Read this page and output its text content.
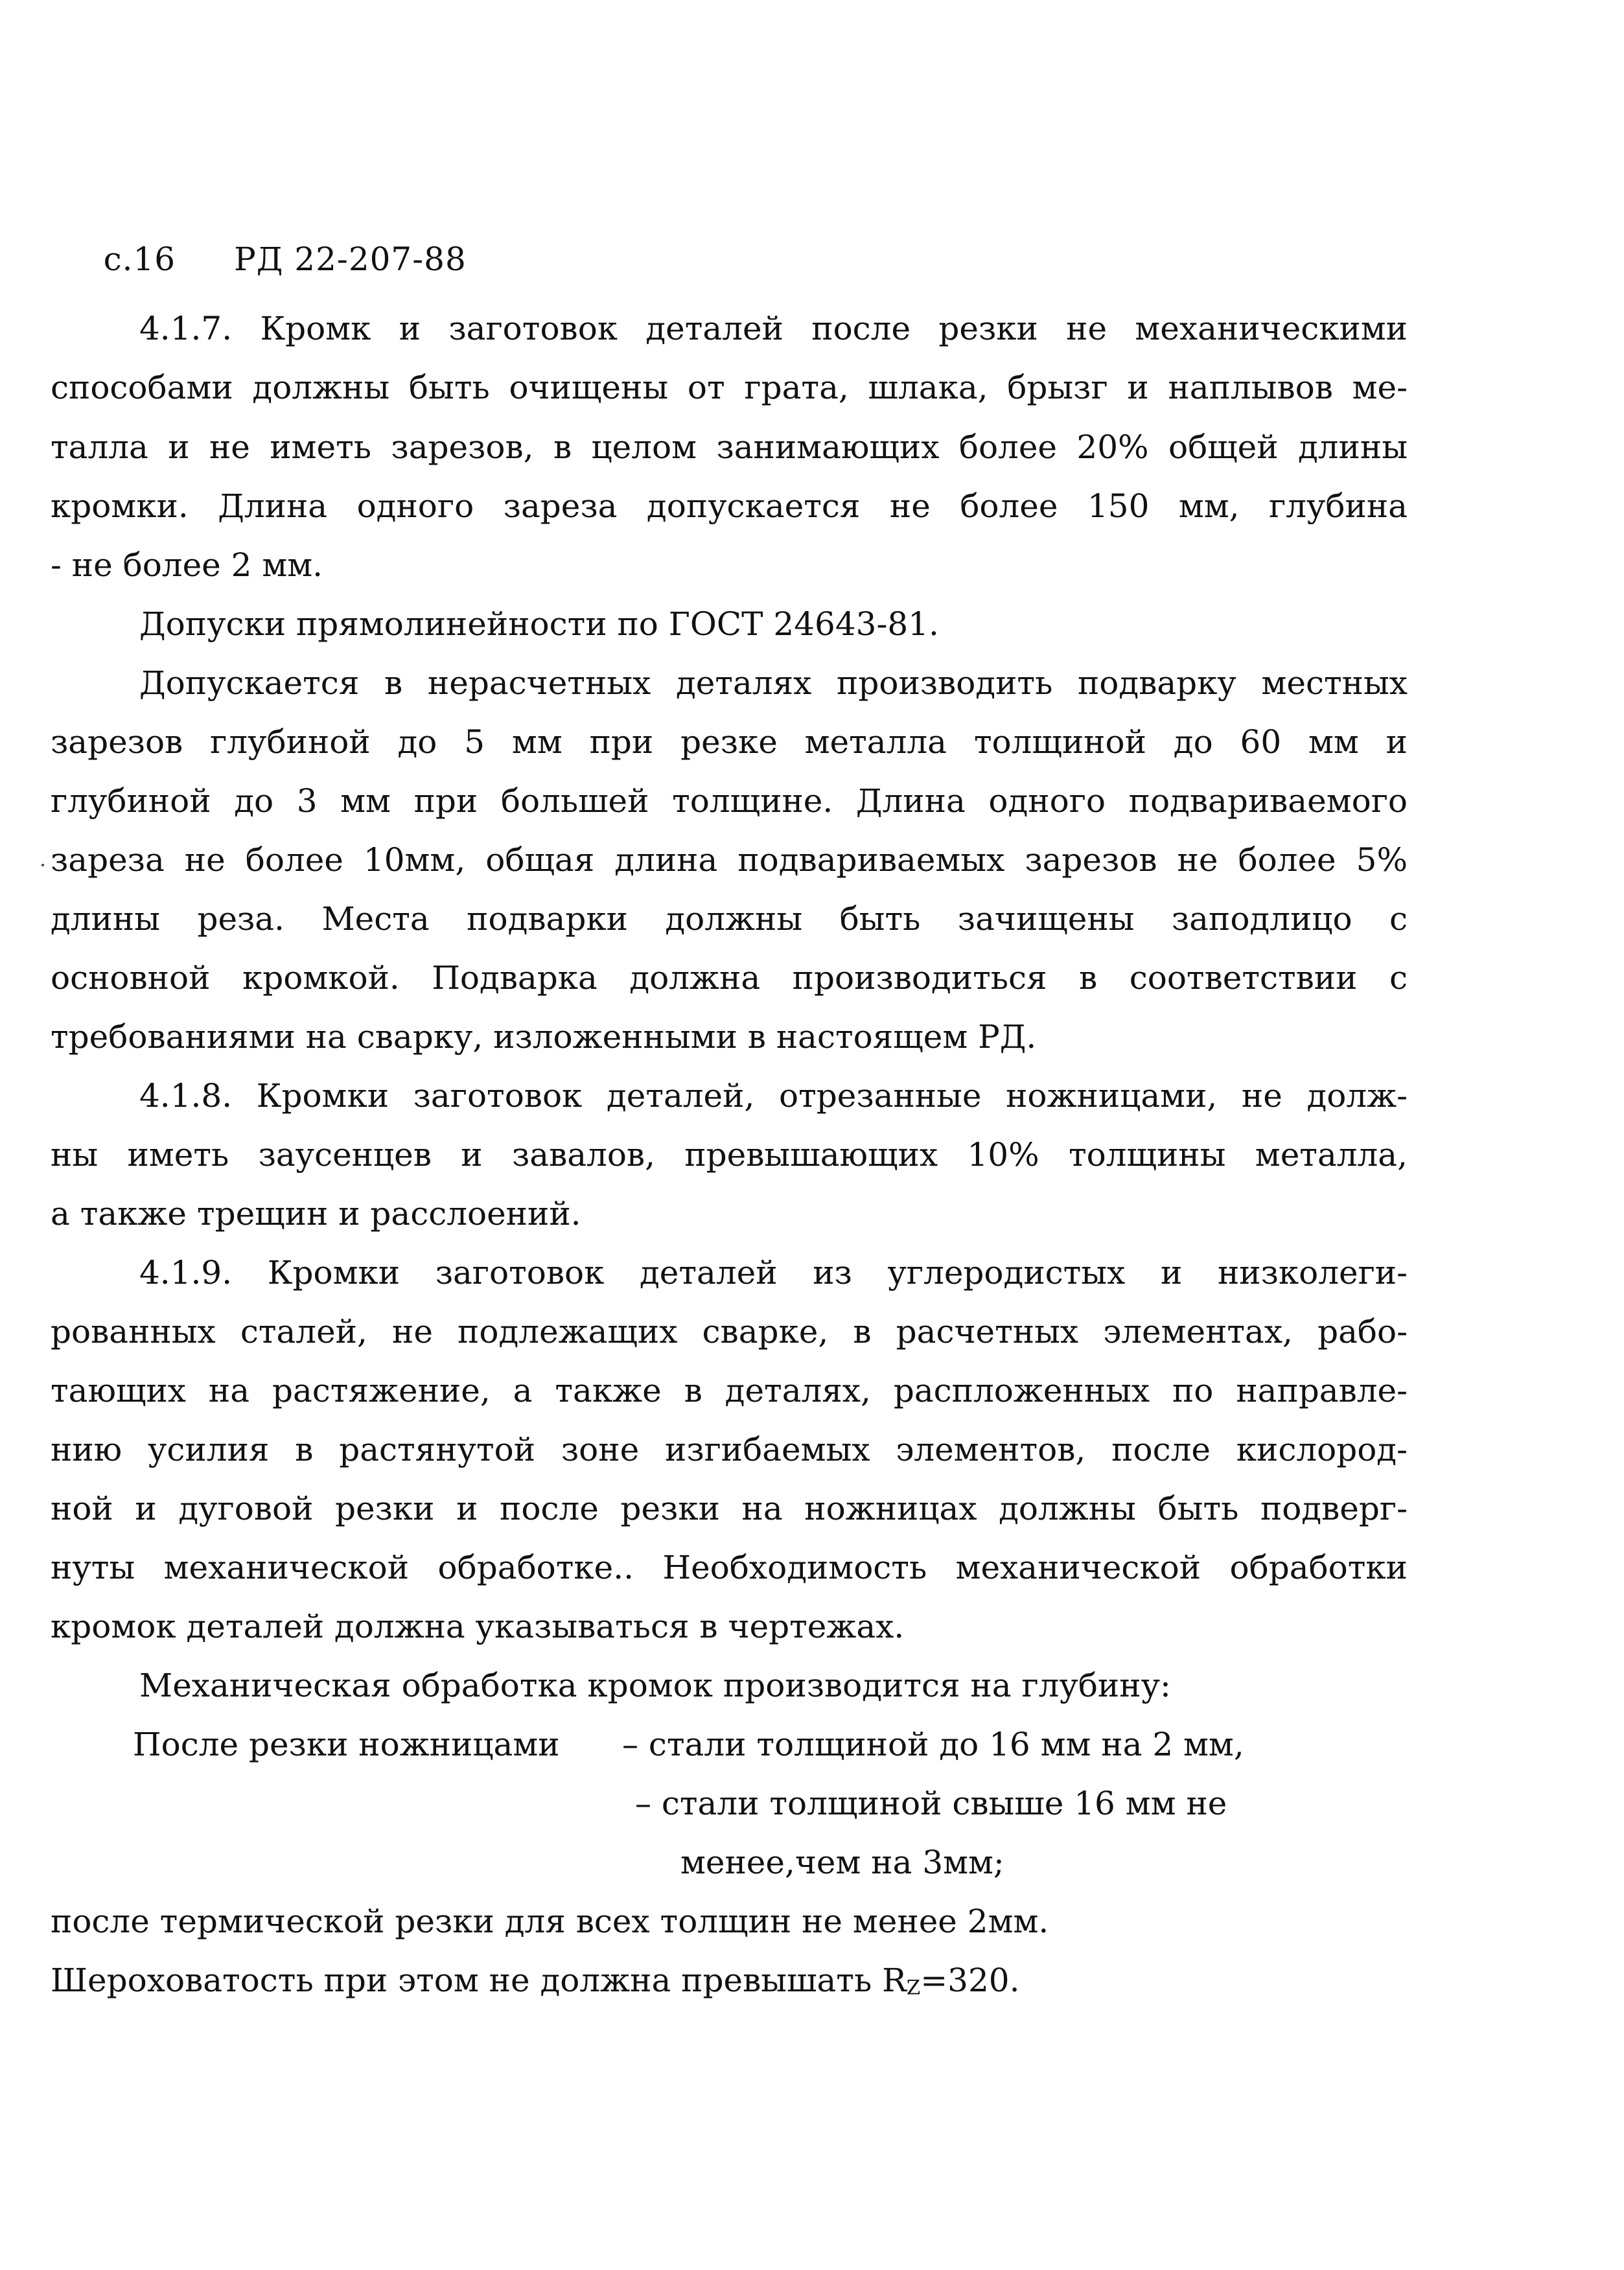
с.16 РД 22-207-88

4.1.7. Кромк и заготовок деталей после резки не механическими
способами должны быть очищены от грата, шлака, брызг и наплывов ме-
талла и не иметь зарезов, в целом занимающих более 20% общей длины
кромки. Длина одного зареза допускается не более 150 мм, глубина
- не более 2 мм.
Допуски прямолинейности по ГОСТ 24643-81.
Допускается в нерасчетных деталях производить подварку местных
зарезов глубиной до 5 мм при резке металла толщиной до 60 мм и
глубиной до 3 мм при большей толщине. Длина одного подвариваемого
зареза не более 10мм, общая длина подвариваемых зарезов не более 5%
длины реза. Места подварки должны быть зачищены заподлицо с
основной кромкой. Подварка должна производиться в соответствии с
требованиями на сварку, изложенными в настоящем РД.
4.1.8. Кромки заготовок деталей, отрезанные ножницами, не долж-
ны иметь заусенцев и завалов, превышающих 10% толщины металла,
а также трещин и расслоений.
4.1.9. Кромки заготовок деталей из углеродистых и низколеги-
рованных сталей, не подлежащих сварке, в расчетных элементах, рабо-
тающих на растяжение, а также в деталях, распложенных по направле-
нию усилия в растянутой зоне изгибаемых элементов, после кислород-
ной и дуговой резки и после резки на ножницах должны быть подверг-
нуты механической обработке.. Необходимость механической обработки
кромок деталей должна указываться в чертежах.
Механическая обработка кромок производится на глубину:
После резки ножницами – стали толщиной до 16 мм на 2 мм,
– стали толщиной свыше 16 мм не
менее,чем на 3мм;
после термической резки для всех толщин не менее 2мм.
Шероховатость при этом не должна превышать RZ=320.
